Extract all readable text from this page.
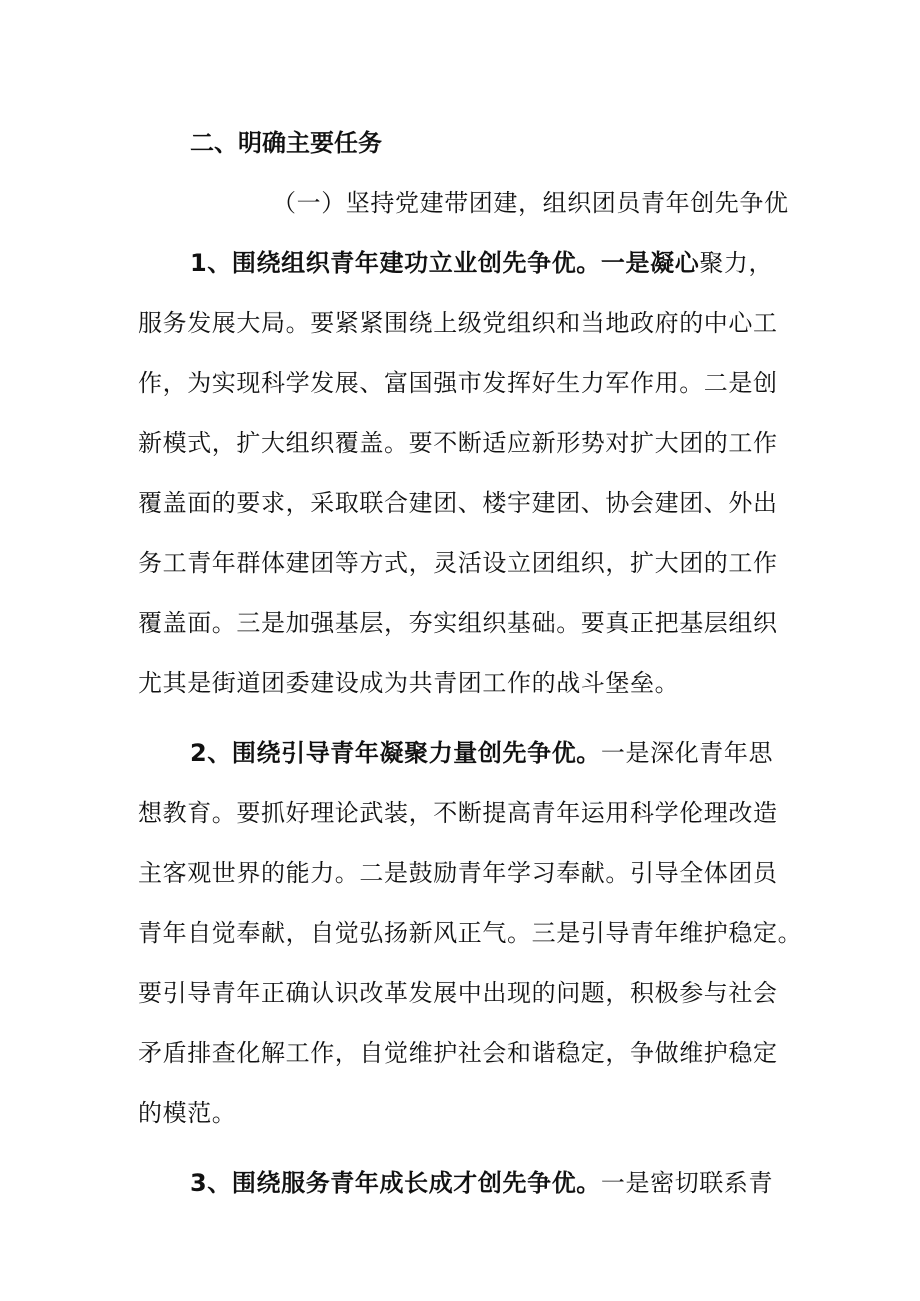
二、明确主要任务
（一）坚持党建带团建，组织团员青年创先争优
1、围绕组织青年建功立业创先争优。一是凝心聚力，
服务发展大局。要紧紧围绕上级党组织和当地政府的中心工
作，为实现科学发展、富国强市发挥好生力军作用。二是创
新模式，扩大组织覆盖。要不断适应新形势对扩大团的工作
覆盖面的要求，采取联合建团、楼宇建团、协会建团、外出
务工青年群体建团等方式，灵活设立团组织，扩大团的工作
覆盖面。三是加强基层，夯实组织基础。要真正把基层组织
尤其是街道团委建设成为共青团工作的战斗堡垒。
2、围绕引导青年凝聚力量创先争优。一是深化青年思
想教育。要抓好理论武装，不断提高青年运用科学伦理改造
主客观世界的能力。二是鼓励青年学习奉献。引导全体团员
青年自觉奉献，自觉弘扬新风正气。三是引导青年维护稳定。
要引导青年正确认识改革发展中出现的问题，积极参与社会
矛盾排查化解工作，自觉维护社会和谐稳定，争做维护稳定
的模范。
3、围绕服务青年成长成才创先争优。一是密切联系青
